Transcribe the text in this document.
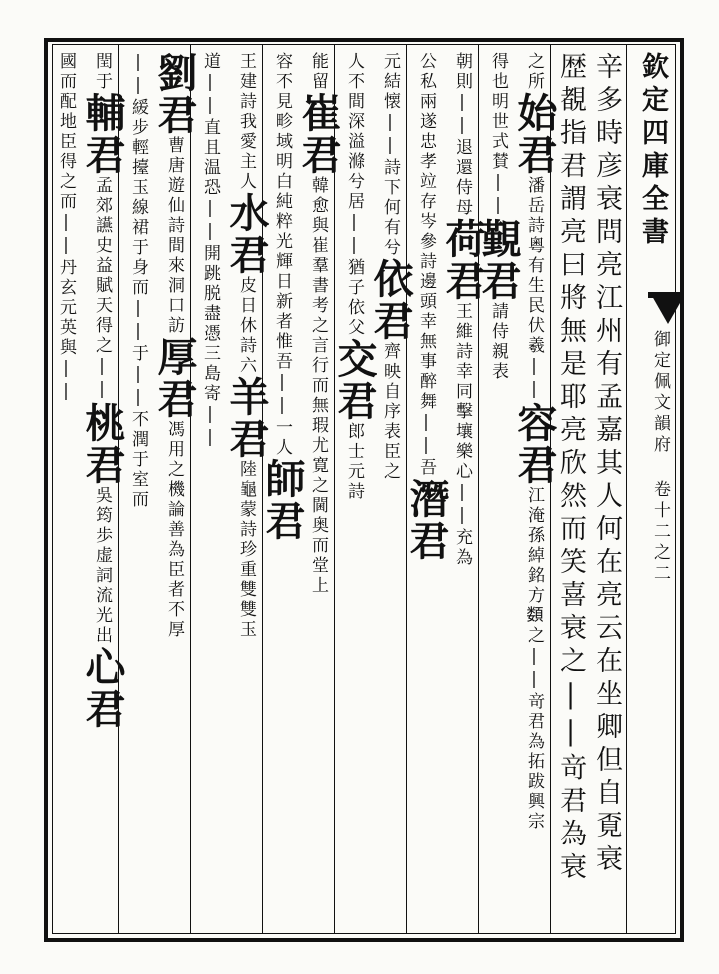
欽定四庫全書
御定佩文韻府 卷十二之二
辛多時彦衰問亮江州有孟嘉其人何在亮云在坐卿但自覔衰
歴覩指君謂亮曰將無是耶亮欣然而笑喜衰之||竒君為衰
之所始君潘岳詩粵有生民伏羲||容君江淹孫綽銘方𩔗之||竒君為拓跋興宗
得也明世式賛||覲君請侍親表
朝則||退還侍母荷君王維詩幸同擊壤樂心||充為
公私兩遂忠孝竝存岑參詩邊頭幸無事醉舞||吾潛君
元結懐||詩下何有兮依君齊映自序表臣之
人不間深溢滌兮居||猶子依父交君郎士元詩
能留崔君韓愈與崔羣書考之言行而無瑕尤寛之閫奥而堂上
容不見畛域明白純粹光輝日新者惟吾||一人師君
王建詩我愛主人水君皮日休詩六羊君陸龜蒙詩珍重雙雙玉
道||直且温恐||開跳脱盡憑三島寄||
劉君曹唐遊仙詩間來洞口訪厚君馮用之機論善為臣者不厚
||緩步輕擡玉線裙于身而||于||不潤于室而
閏于輔君孟郊讌史益賦天得之||桃君吳筠歩虚詞流光出心君
國而配地臣得之而||丹玄元英與||
